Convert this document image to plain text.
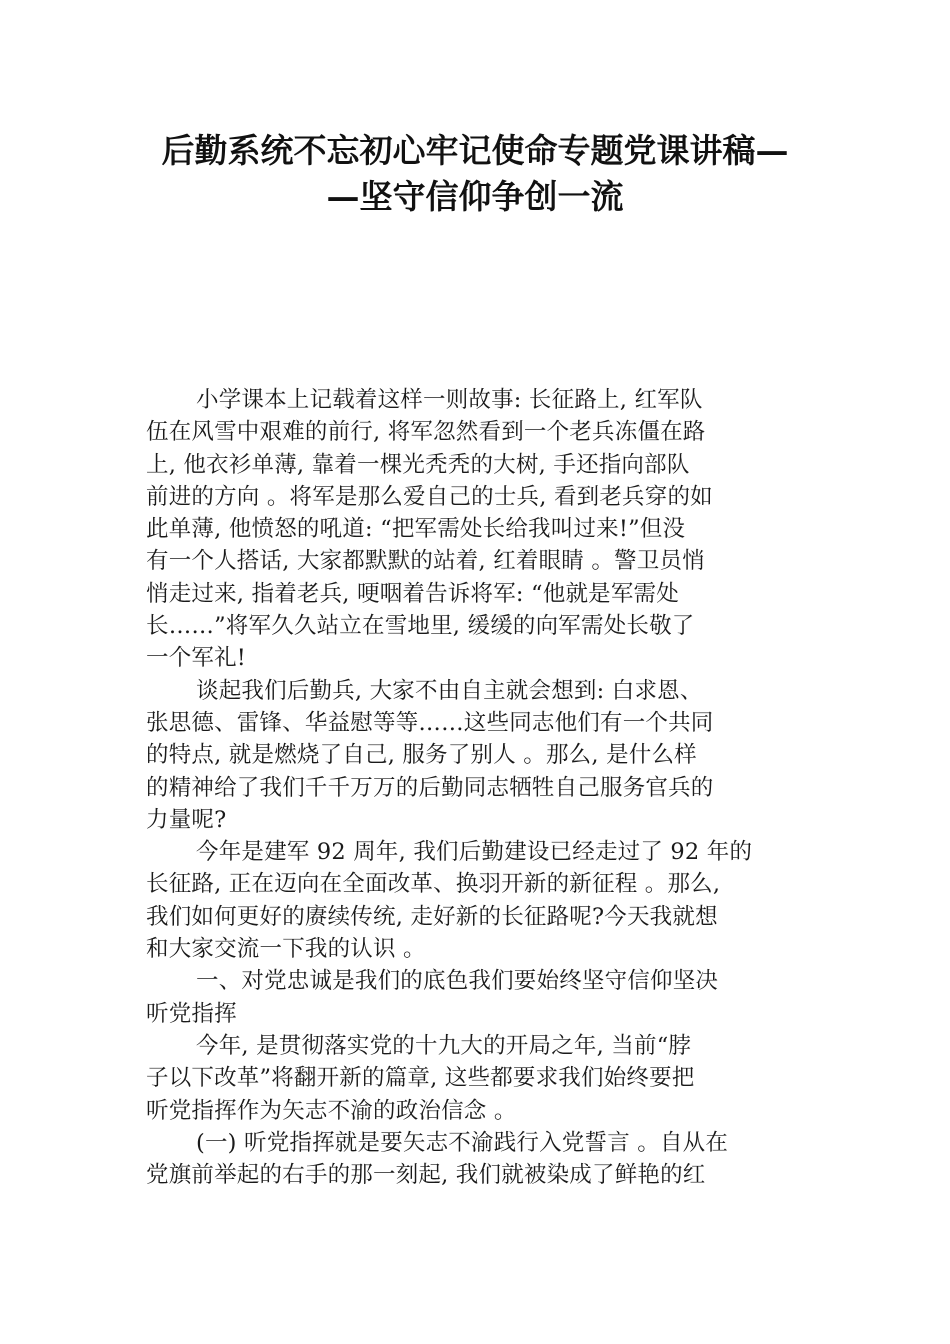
后勤系统不忘初心牢记使命专题党课讲稿—
—坚守信仰争创一流
小学课本上记载着这样一则故事: 长征路上, 红军队
伍在风雪中艰难的前行, 将军忽然看到一个老兵冻僵在路
上, 他衣衫单薄, 靠着一棵光秃秃的大树, 手还指向部队
前进的方向 。将军是那么爱自己的士兵, 看到老兵穿的如
此单薄, 他愤怒的吼道: “把军需处长给我叫过来!”但没
有一个人搭话, 大家都默默的站着, 红着眼睛 。警卫员悄
悄走过来, 指着老兵, 哽咽着告诉将军: “他就是军需处
长……”将军久久站立在雪地里, 缓缓的向军需处长敬了
一个军礼!
谈起我们后勤兵, 大家不由自主就会想到: 白求恩、
张思德、雷锋、华益慰等等……这些同志他们有一个共同
的特点, 就是燃烧了自己, 服务了别人 。那么, 是什么样
的精神给了我们千千万万的后勤同志牺牲自己服务官兵的
力量呢?
今年是建军 92 周年, 我们后勤建设已经走过了 92 年的
长征路, 正在迈向在全面改革、换羽开新的新征程 。那么,
我们如何更好的赓续传统, 走好新的长征路呢?今天我就想
和大家交流一下我的认识 。
一、对党忠诚是我们的底色我们要始终坚守信仰坚决
听党指挥
今年, 是贯彻落实党的十九大的开局之年, 当前“脖
子以下改革”将翻开新的篇章, 这些都要求我们始终要把
听党指挥作为矢志不渝的政治信念 。
(一) 听党指挥就是要矢志不渝践行入党誓言 。自从在
党旗前举起的右手的那一刻起, 我们就被染成了鲜艳的红
